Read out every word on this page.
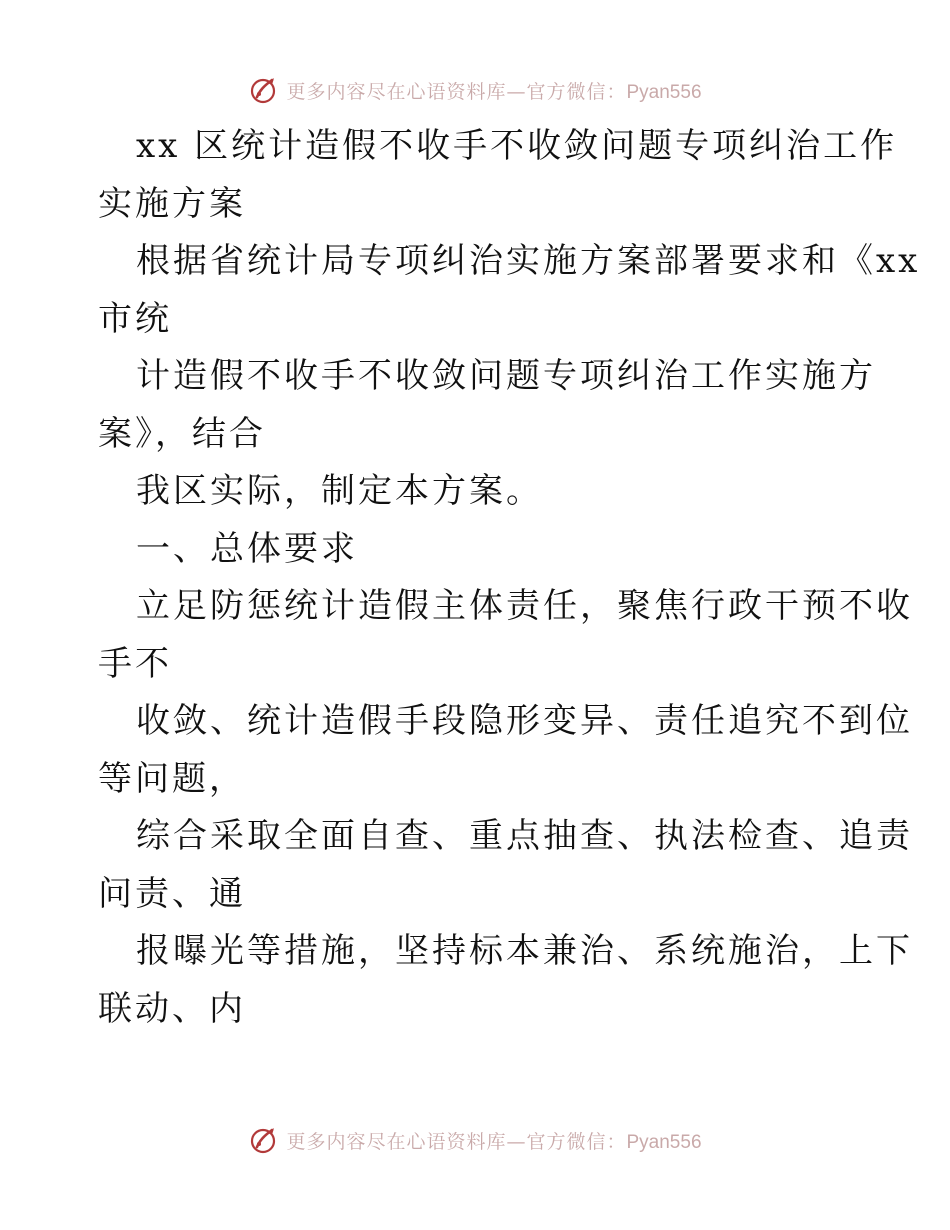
更多内容尽在心语资料库—官方微信：Pyan556
xx 区统计造假不收手不收敛问题专项纠治工作
实施方案
根据省统计局专项纠治实施方案部署要求和《xx
市统
计造假不收手不收敛问题专项纠治工作实施方
案》，结合
我区实际，制定本方案。
一、总体要求
立足防惩统计造假主体责任，聚焦行政干预不收
手不
收敛、统计造假手段隐形变异、责任追究不到位
等问题，
综合采取全面自查、重点抽查、执法检查、追责
问责、通
报曝光等措施，坚持标本兼治、系统施治，上下
联动、内
更多内容尽在心语资料库—官方微信：Pyan556
